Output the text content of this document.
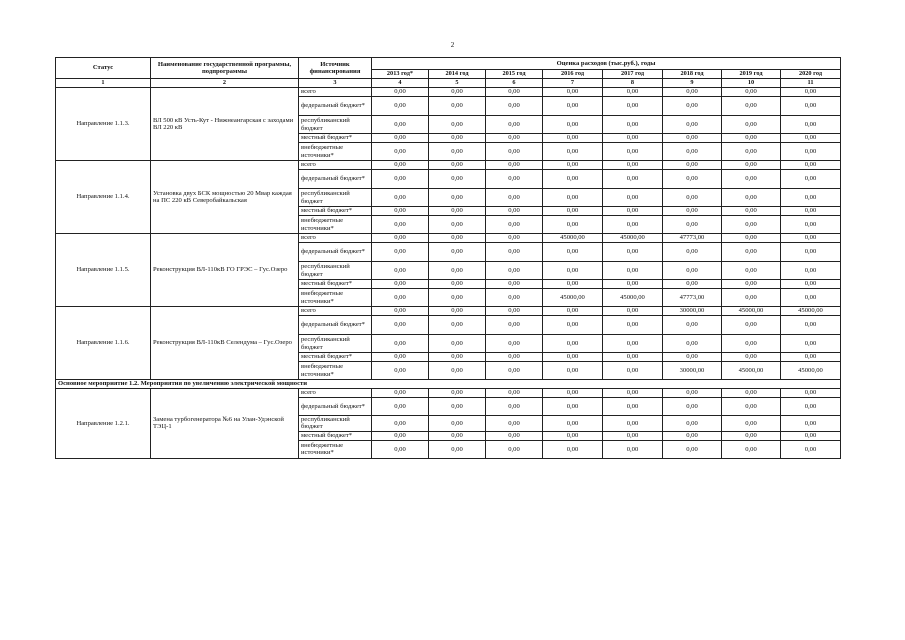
2
Статус	Наименование государственной программы, подпрограммы	Источник финансирования	Оценка расходов (тыс.руб.), годы							
			2013 год*	2014 год	2015 год	2016 год	2017 год	2018 год	2019 год	2020 год
1	2	3	4	5	6	7	8	9	10	11
Направление 1.1.3.	ВЛ 500 кВ Усть-Кут - Нижнеангарская с заходами ВЛ 220 кВ	всего	0,00	0,00	0,00	0,00	0,00	0,00	0,00	0,00
		федеральный бюджет*	0,00	0,00	0,00	0,00	0,00	0,00	0,00	0,00
		республиканский бюджет	0,00	0,00	0,00	0,00	0,00	0,00	0,00	0,00
		местный бюджет*	0,00	0,00	0,00	0,00	0,00	0,00	0,00	0,00
		внебюджетные источники*	0,00	0,00	0,00	0,00	0,00	0,00	0,00	0,00
Направление 1.1.4.	Установка двух БСК мощностью 20 Мвар каждая на ПС 220 кВ Северобайкальская	всего	0,00	0,00	0,00	0,00	0,00	0,00	0,00	0,00
		федеральный бюджет*	0,00	0,00	0,00	0,00	0,00	0,00	0,00	0,00
		республиканский бюджет	0,00	0,00	0,00	0,00	0,00	0,00	0,00	0,00
		местный бюджет*	0,00	0,00	0,00	0,00	0,00	0,00	0,00	0,00
		внебюджетные источники*	0,00	0,00	0,00	0,00	0,00	0,00	0,00	0,00
Направление 1.1.5.	Реконструкция ВЛ-110кВ ГО ГРЭС – Гус.Озеро	всего	0,00	0,00	0,00	45000,00	45000,00	47773,00	0,00	0,00
		федеральный бюджет*	0,00	0,00	0,00	0,00	0,00	0,00	0,00	0,00
		республиканский бюджет	0,00	0,00	0,00	0,00	0,00	0,00	0,00	0,00
		местный бюджет*	0,00	0,00	0,00	0,00	0,00	0,00	0,00	0,00
		внебюджетные источники*	0,00	0,00	0,00	45000,00	45000,00	47773,00	0,00	0,00
Направление 1.1.6.	Реконструкция ВЛ-110кВ Селендума – Гус.Озеро	всего	0,00	0,00	0,00	0,00	0,00	30000,00	45000,00	45000,00
		федеральный бюджет*	0,00	0,00	0,00	0,00	0,00	0,00	0,00	0,00
		республиканский бюджет	0,00	0,00	0,00	0,00	0,00	0,00	0,00	0,00
		местный бюджет*	0,00	0,00	0,00	0,00	0,00	0,00	0,00	0,00
		внебюджетные источники*	0,00	0,00	0,00	0,00	0,00	30000,00	45000,00	45000,00
Основное мероприятие 1.2. Мероприятия по увеличению электрической мощности										
Направление 1.2.1.	Замена турбогенератора №6 на Улан-Удэнской ТЭЦ-1	всего	0,00	0,00	0,00	0,00	0,00	0,00	0,00	0,00
		федеральный бюджет*	0,00	0,00	0,00	0,00	0,00	0,00	0,00	0,00
		республиканский бюджет	0,00	0,00	0,00	0,00	0,00	0,00	0,00	0,00
		местный бюджет*	0,00	0,00	0,00	0,00	0,00	0,00	0,00	0,00
		внебюджетные источники*	0,00	0,00	0,00	0,00	0,00	0,00	0,00	0,00
